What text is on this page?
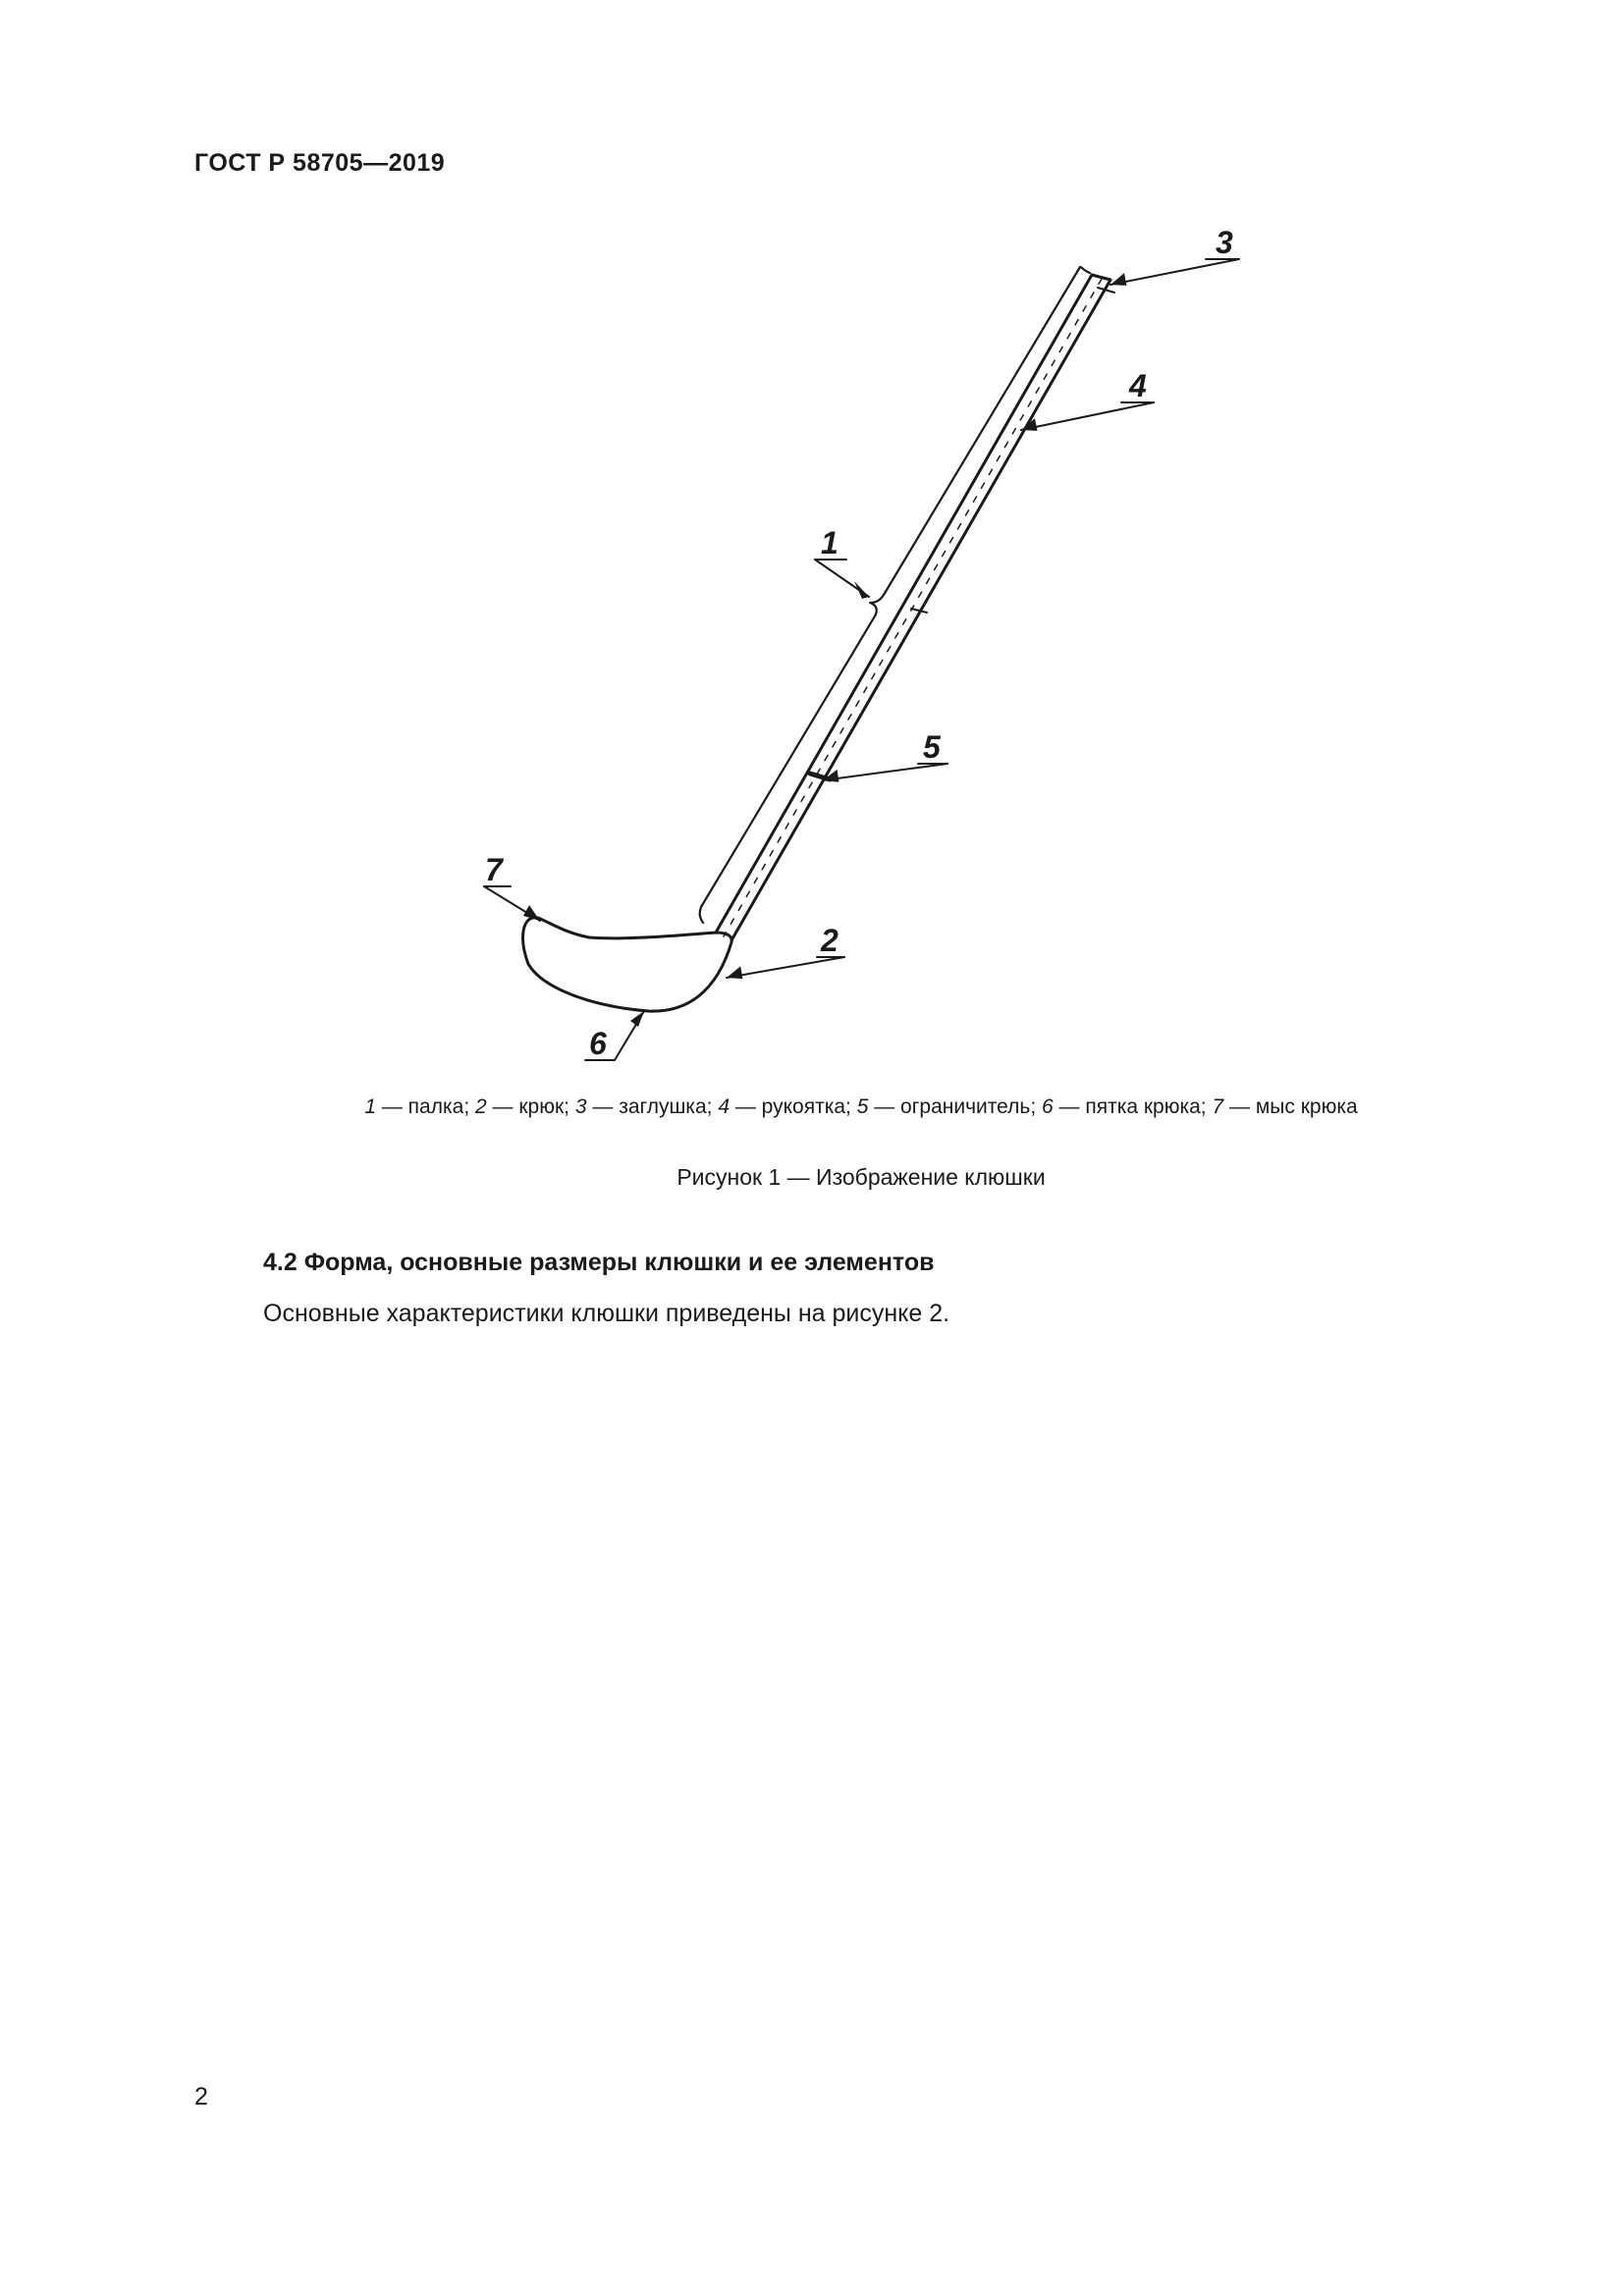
ГОСТ Р 58705—2019
3
4
1
5
7
2
6
1 — палка; 2 — крюк; 3 — заглушка; 4 — рукоятка; 5 — ограничитель; 6 — пятка крюка; 7 — мыс крюка
Рисунок 1 — Изображение клюшки
4.2 Форма, основные размеры клюшки и ее элементов
Основные характеристики клюшки приведены на рисунке 2.
2
